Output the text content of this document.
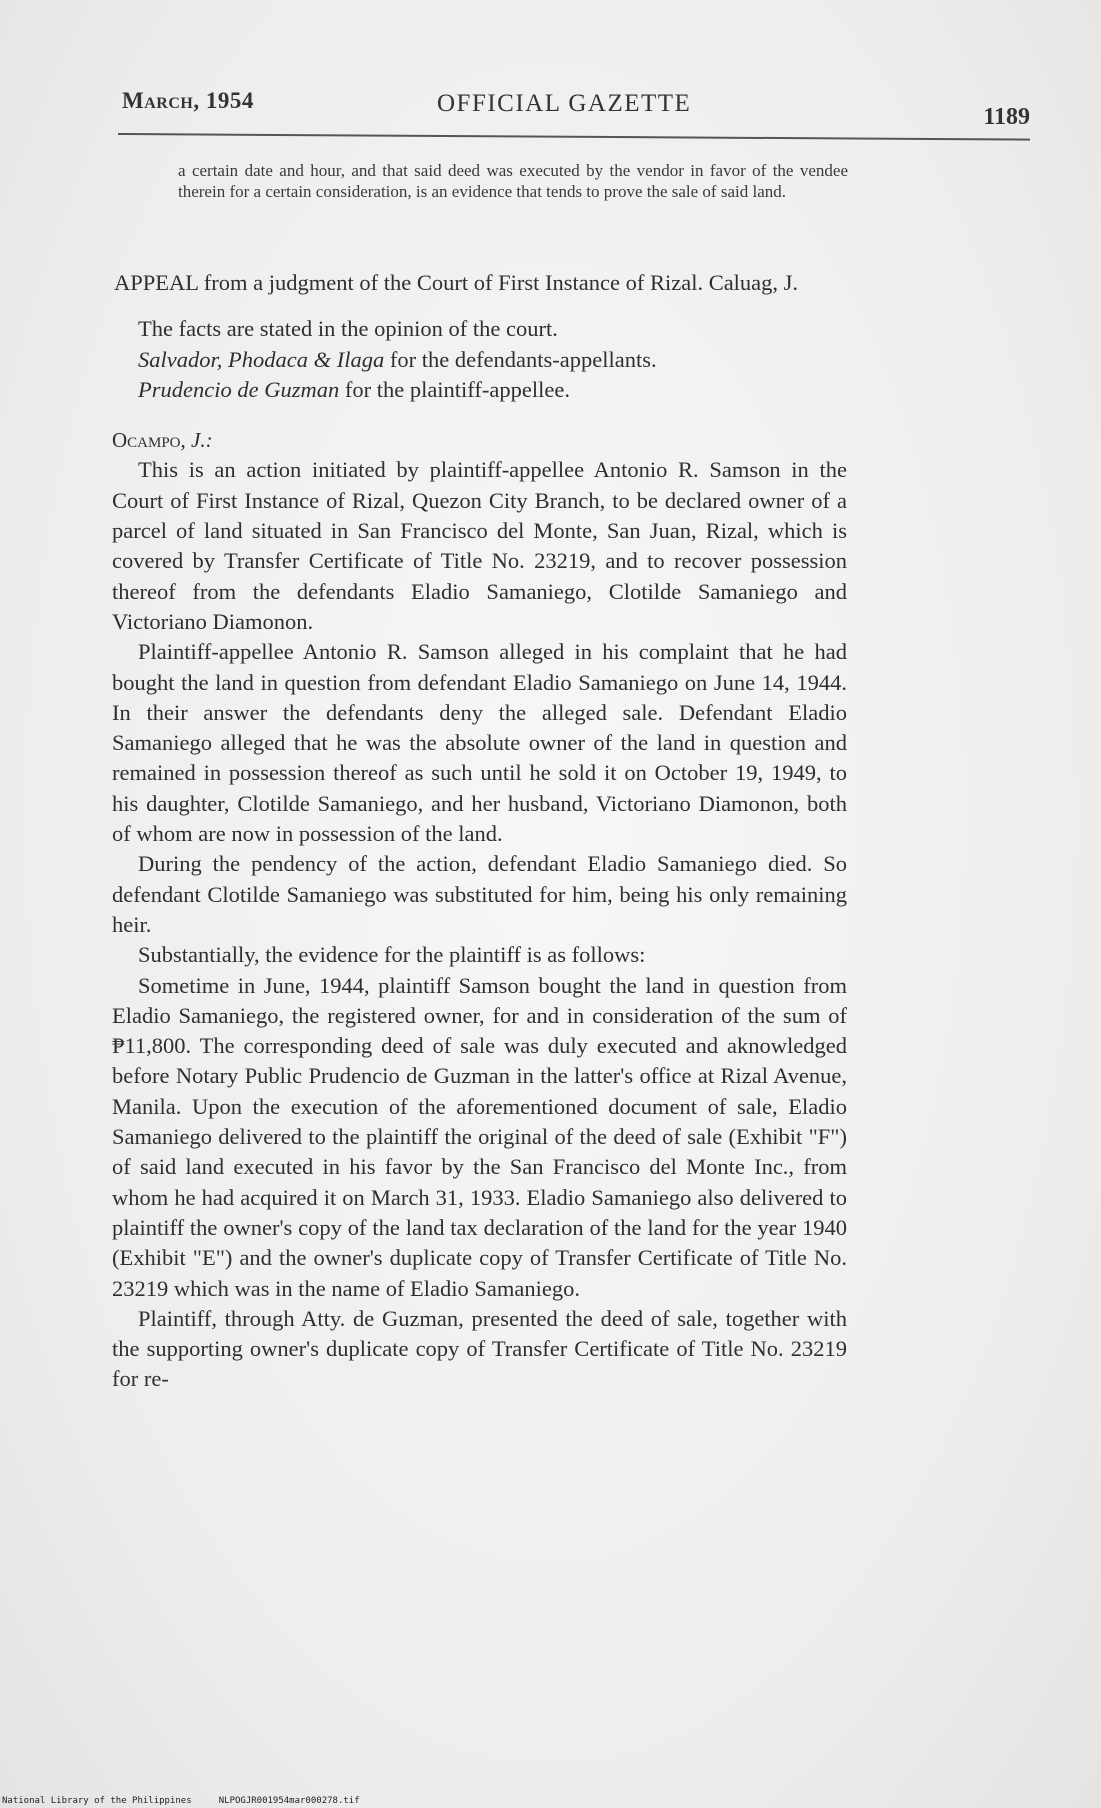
March, 1954	OFFICIAL GAZETTE	1189
a certain date and hour, and that said deed was executed by the vendor in favor of the vendee therein for a certain consideration, is an evidence that tends to prove the sale of said land.

APPEAL from a judgment of the Court of First Instance of Rizal. Caluag, J.

The facts are stated in the opinion of the court.

Salvador, Phodaca & Ilaga for the defendants-appellants.

Prudencio de Guzman for the plaintiff-appellee.

Ocampo, J.:

This is an action initiated by plaintiff-appellee Antonio R. Samson in the Court of First Instance of Rizal, Quezon City Branch, to be declared owner of a parcel of land situated in San Francisco del Monte, San Juan, Rizal, which is covered by Transfer Certificate of Title No. 23219, and to recover possession thereof from the defendants Eladio Samaniego, Clotilde Samaniego and Victoriano Diamonon.

Plaintiff-appellee Antonio R. Samson alleged in his complaint that he had bought the land in question from defendant Eladio Samaniego on June 14, 1944. In their answer the defendants deny the alleged sale. Defendant Eladio Samaniego alleged that he was the absolute owner of the land in question and remained in possession thereof as such until he sold it on October 19, 1949, to his daughter, Clotilde Samaniego, and her husband, Victoriano Diamonon, both of whom are now in possession of the land.

During the pendency of the action, defendant Eladio Samaniego died. So defendant Clotilde Samaniego was substituted for him, being his only remaining heir.

Substantially, the evidence for the plaintiff is as follows:

Sometime in June, 1944, plaintiff Samson bought the land in question from Eladio Samaniego, the registered owner, for and in consideration of the sum of ₱11,800. The corresponding deed of sale was duly executed and aknowledged before Notary Public Prudencio de Guzman in the latter's office at Rizal Avenue, Manila. Upon the execution of the aforementioned document of sale, Eladio Samaniego delivered to the plaintiff the original of the deed of sale (Exhibit "F") of said land executed in his favor by the San Francisco del Monte Inc., from whom he had acquired it on March 31, 1933. Eladio Samaniego also delivered to plaintiff the owner's copy of the land tax declaration of the land for the year 1940 (Exhibit "E") and the owner's duplicate copy of Transfer Certificate of Title No. 23219 which was in the name of Eladio Samaniego.

Plaintiff, through Atty. de Guzman, presented the deed of sale, together with the supporting owner's duplicate copy of Transfer Certificate of Title No. 23219 for re-

National Library of the Philippines     NLPOGJR001954mar000278.tif
